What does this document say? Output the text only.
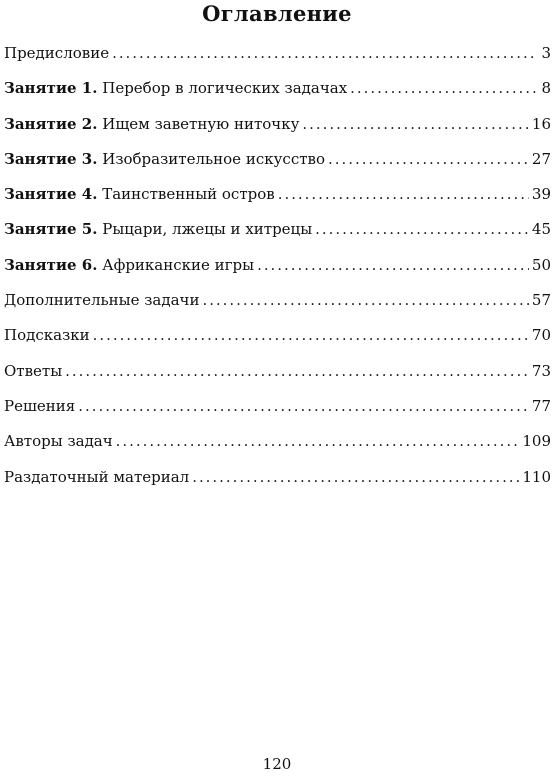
Оглавление
Предисловие . . .	3
Занятие 1. Перебор в логических задачах . . .	8
Занятие 2. Ищем заветную ниточку . . .	16
Занятие 3. Изобразительное искусство . . .	27
Занятие 4. Таинственный остров . . .	39
Занятие 5. Рыцари, лжецы и хитрецы . . .	45
Занятие 6. Африканские игры . . .	50
Дополнительные задачи . . .	57
Подсказки . . .	70
Ответы . . .	73
Решения . . .	77
Авторы задач . . .	109
Раздаточный материал . . .	110
120
